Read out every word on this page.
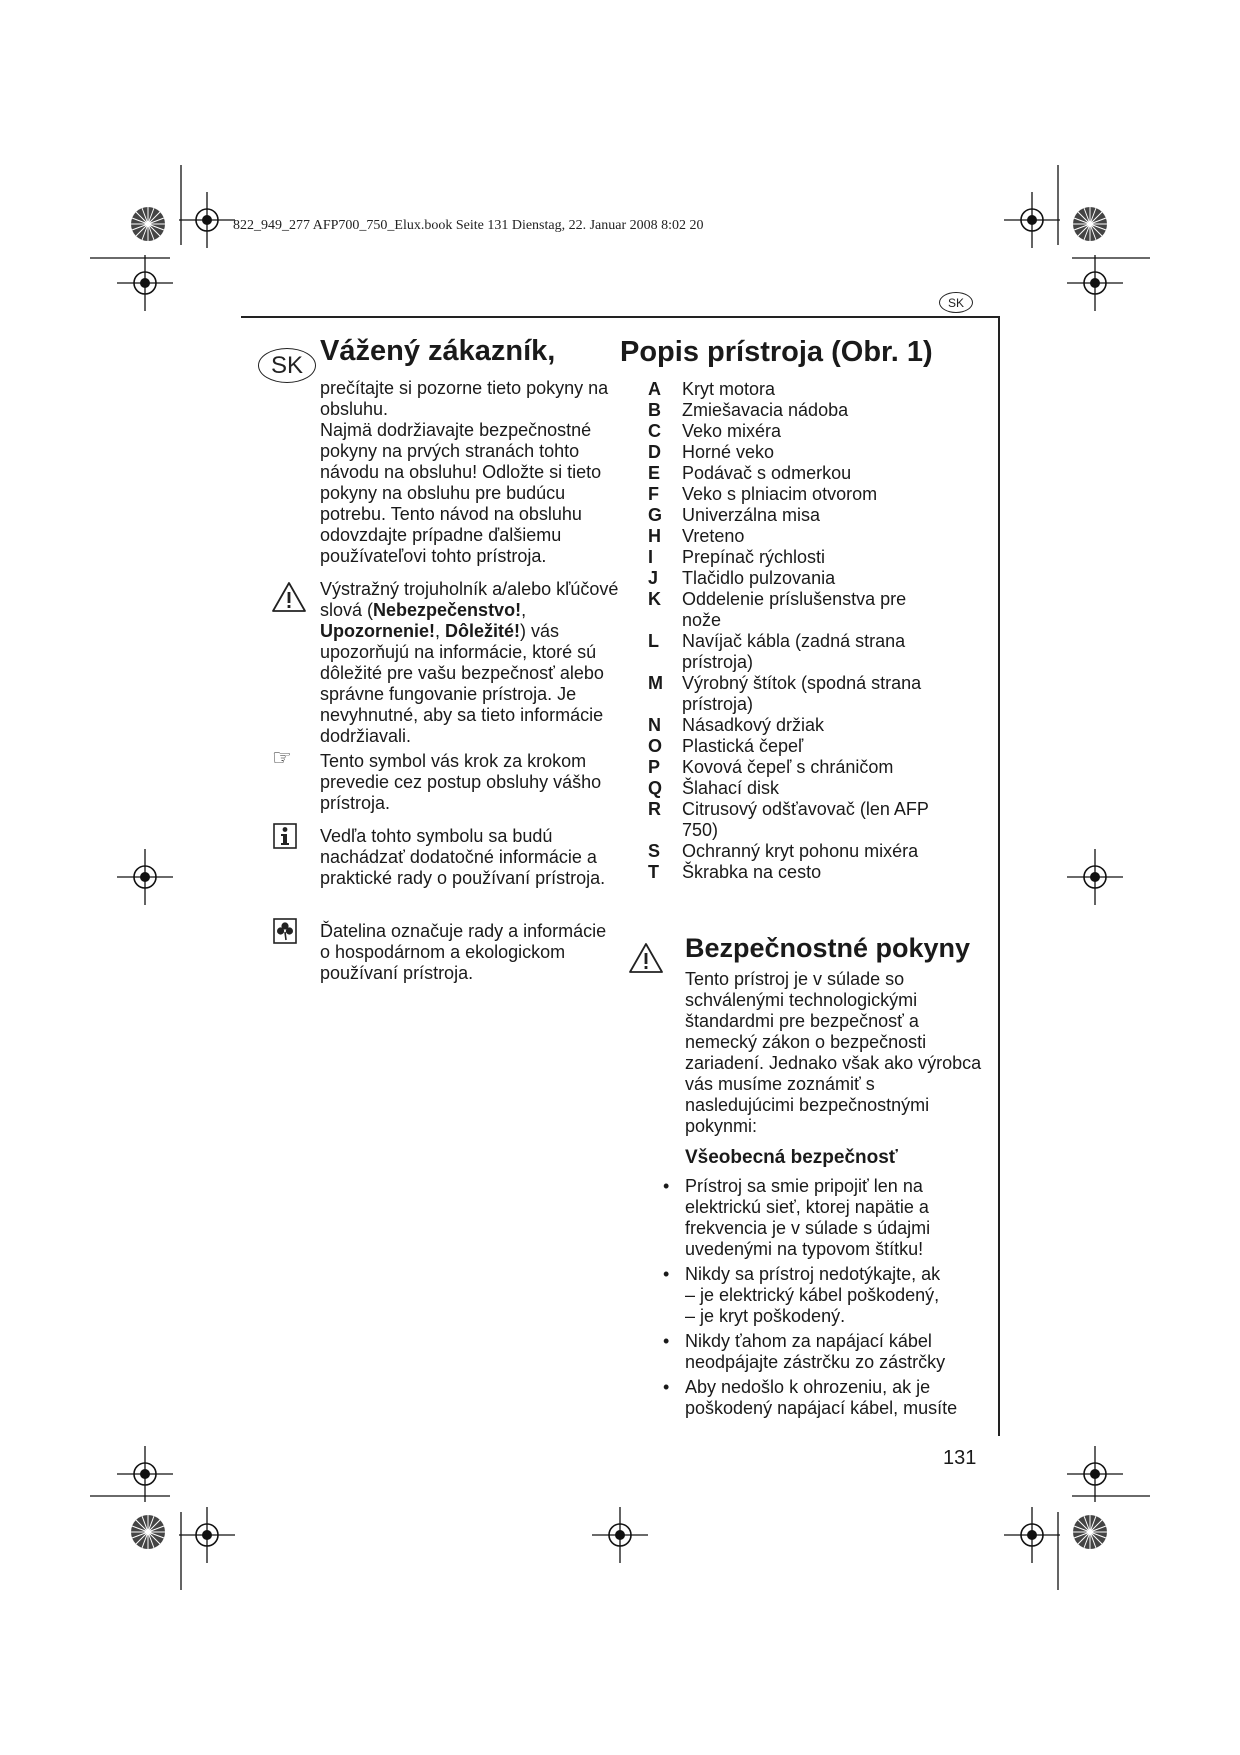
822_949_277 AFP700_750_Elux.book Seite 131 Dienstag, 22. Januar 2008 8:02 20
SK
SK Vážený zákazník,

prečítajte si pozorne tieto pokyny na obsluhu.

Najmä dodržiavajte bezpečnostné pokyny na prvých stranách tohto návodu na obsluhu! Odložte si tieto pokyny na obsluhu pre budúcu potrebu. Tento návod na obsluhu odovzdajte prípadne ďalšiemu používateľovi tohto prístroja.

Výstražný trojuholník a/alebo kľúčové slová (Nebezpečenstvo!, Upozornenie!, Dôležité!) vás upozorňujú na informácie, ktoré sú dôležité pre vašu bezpečnosť alebo správne fungovanie prístroja. Je nevyhnutné, aby sa tieto informácie dodržiavali.

☞ Tento symbol vás krok za krokom prevedie cez postup obsluhy vášho prístroja.
Vedľa tohto symbolu sa budú nachádzať dodatočné informácie a praktické rady o používaní prístroja.
Ďatelina označuje rady a informácie o hospodárnom a ekologickom používaní prístroja.
Popis prístroja (Obr. 1)
A	Kryt motora
B	Zmiešavacia nádoba
C	Veko mixéra
D	Horné veko
E	Podávač s odmerkou
F	Veko s plniacim otvorom
G	Univerzálna misa
H	Vreteno
I	Prepínač rýchlosti
J	Tlačidlo pulzovania
K	Oddelenie príslušenstva pre nože
L	Navíjač kábla (zadná strana prístroja)
M	Výrobný štítok (spodná strana prístroja)
N	Násadkový držiak
O	Plastická čepeľ
P	Kovová čepeľ s chráničom
Q	Šlahací disk
R	Citrusový odšťavovač (len AFP 750)
S	Ochranný kryt pohonu mixéra
T	Škrabka na cesto
Bezpečnostné pokyny
Tento prístroj je v súlade so schválenými technologickými štandardmi pre bezpečnosť a nemecký zákon o bezpečnosti zariadení. Jednako však ako výrobca vás musíme zoznámiť s nasledujúcimi bezpečnostnými pokynmi:
Všeobecná bezpečnosť
• Prístroj sa smie pripojiť len na elektrickú sieť, ktorej napätie a frekvencia je v súlade s údajmi uvedenými na typovom štítku!

• Nikdy sa prístroj nedotýkajte, ak

– je elektrický kábel poškodený,

– je kryt poškodený.

• Nikdy ťahom za napájací kábel neodpájajte zástrčku zo zástrčky

• Aby nedošlo k ohrozeniu, ak je poškodený napájací kábel, musíte

131
